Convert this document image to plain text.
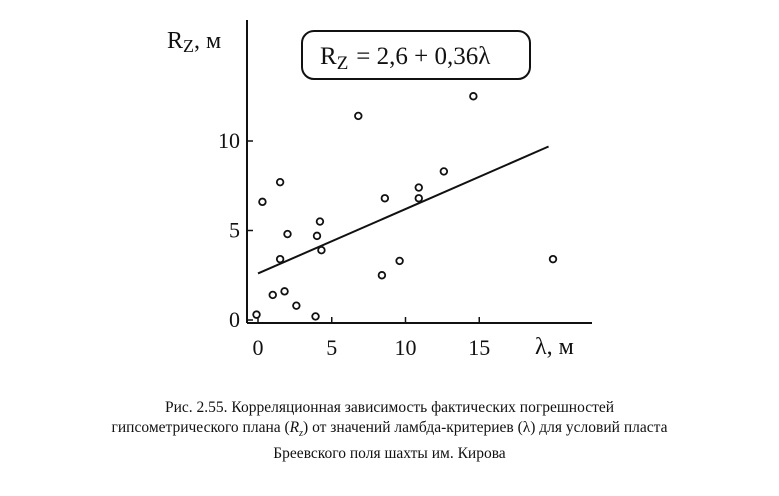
RZ, м
λ, м
$R_Z = 2,6 + 0,36\lambda$
0	5	10 15
0
5
10
Рис. 2.55. Корреляционная зависимость фактических погрешностей
гипсометрического плана $(R_z)$ от значений ламбда-критериев (λ) для условий пласта
Бреевского поля шахты им. Кирова
